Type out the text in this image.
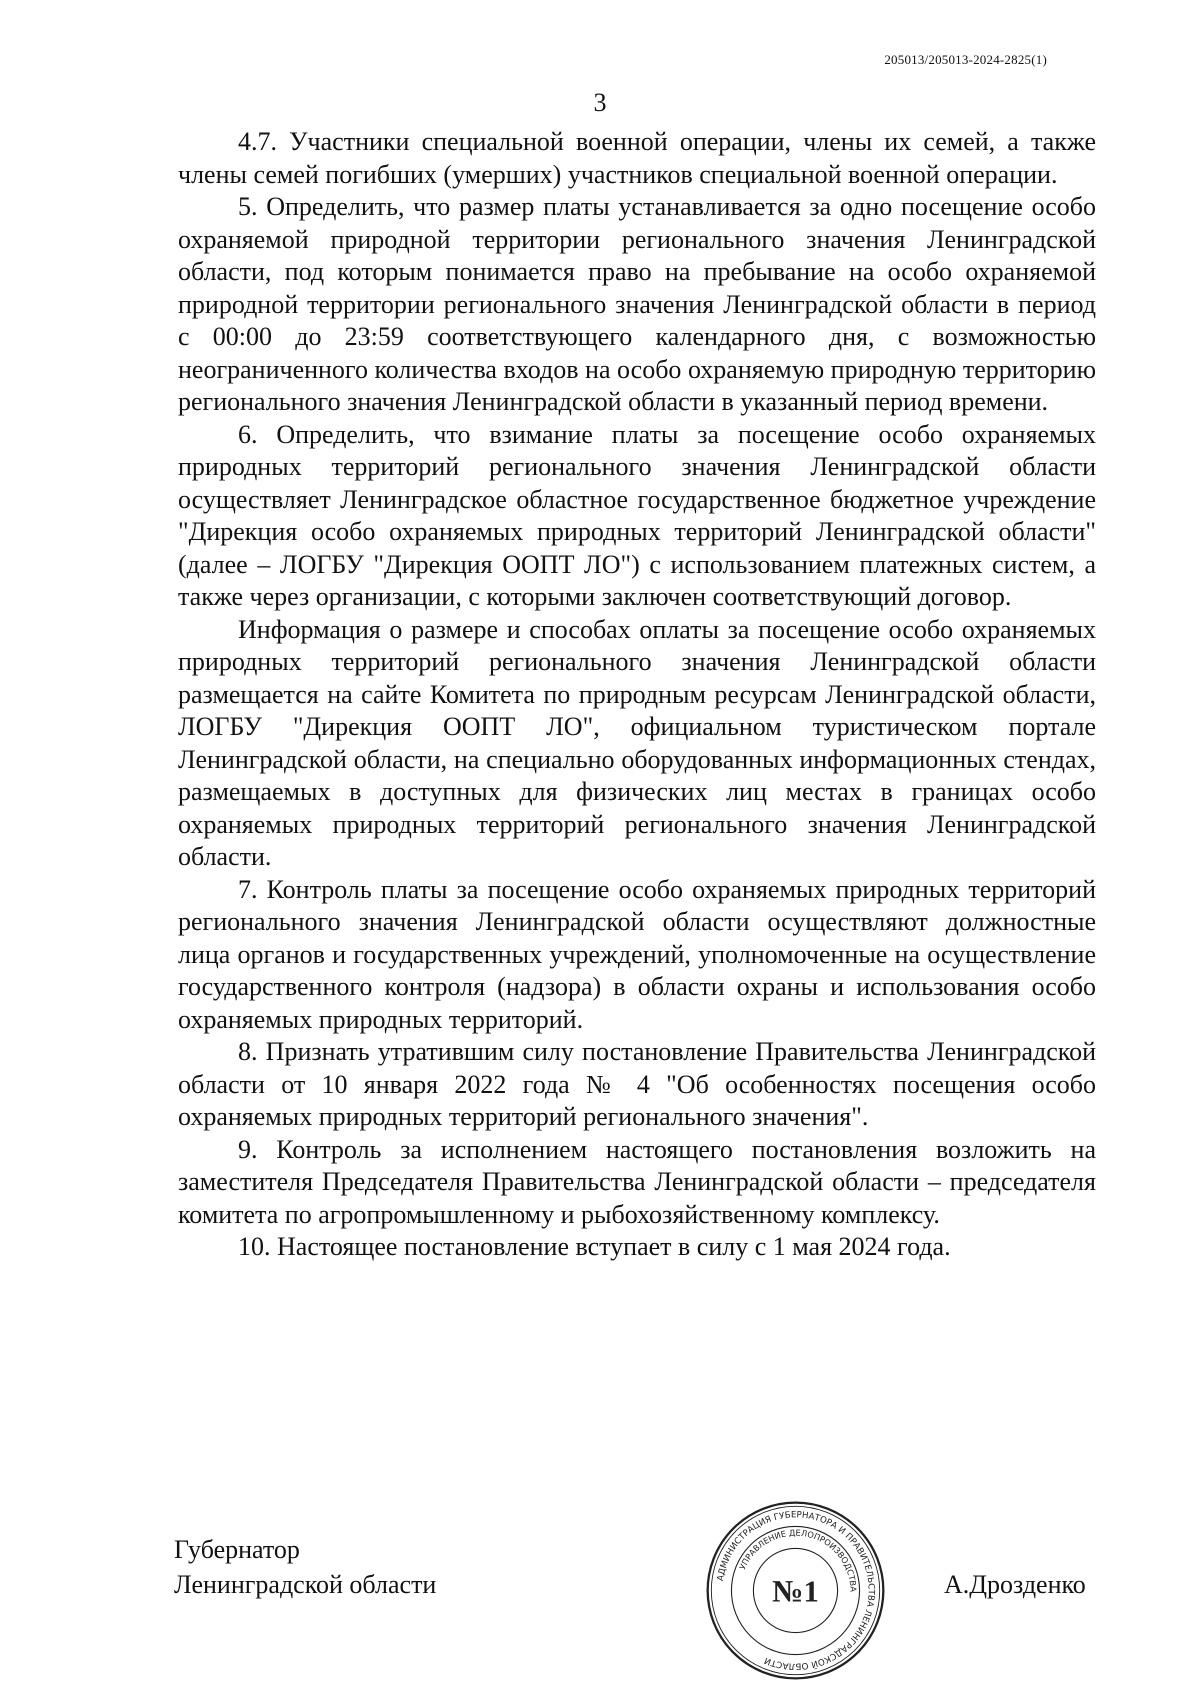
205013/205013-2024-2825(1)
3

4.7. Участники специальной военной операции, члены их семей, а также члены семей погибших (умерших) участников специальной военной операции.

5. Определить, что размер платы устанавливается за одно посещение особо охраняемой природной территории регионального значения Ленинградской области, под которым понимается право на пребывание на особо охраняемой природной территории регионального значения Ленинградской области в период с 00:00 до 23:59 соответствующего календарного дня, с возможностью неограниченного количества входов на особо охраняемую природную территорию регионального значения Ленинградской области в указанный период времени.

6. Определить, что взимание платы за посещение особо охраняемых природных территорий регионального значения Ленинградской области осуществляет Ленинградское областное государственное бюджетное учреждение "Дирекция особо охраняемых природных территорий Ленинградской области" (далее – ЛОГБУ "Дирекция ООПТ ЛО") с использованием платежных систем, а также через организации, с которыми заключен соответствующий договор.

Информация о размере и способах оплаты за посещение особо охраняемых природных территорий регионального значения Ленинградской области размещается на сайте Комитета по природным ресурсам Ленинградской области, ЛОГБУ "Дирекция ООПТ ЛО", официальном туристическом портале Ленинградской области, на специально оборудованных информационных стендах, размещаемых в доступных для физических лиц местах в границах особо охраняемых природных территорий регионального значения Ленинградской области.

7. Контроль платы за посещение особо охраняемых природных территорий регионального значения Ленинградской области осуществляют должностные лица органов и государственных учреждений, уполномоченные на осуществление государственного контроля (надзора) в области охраны и использования особо охраняемых природных территорий.

8. Признать утратившим силу постановление Правительства Ленинградской области от 10 января 2022 года № 4 "Об особенностях посещения особо охраняемых природных территорий регионального значения".

9. Контроль за исполнением настоящего постановления возложить на заместителя Председателя Правительства Ленинградской области – председателя комитета по агропромышленному и рыбохозяйственному комплексу.

10. Настоящее постановление вступает в силу с 1 мая 2024 года.

Губернатор
Ленинградской области	А.Дрозденко
АДМИНИСТРАЦИЯ ГУБЕРНАТОРА И ПРАВИТЕЛЬСТВА ЛЕНИНГРАДСКОЙ ОБЛАСТИ
УПРАВЛЕНИЕ ДЕЛОПРОИЗВОДСТВА
№1
